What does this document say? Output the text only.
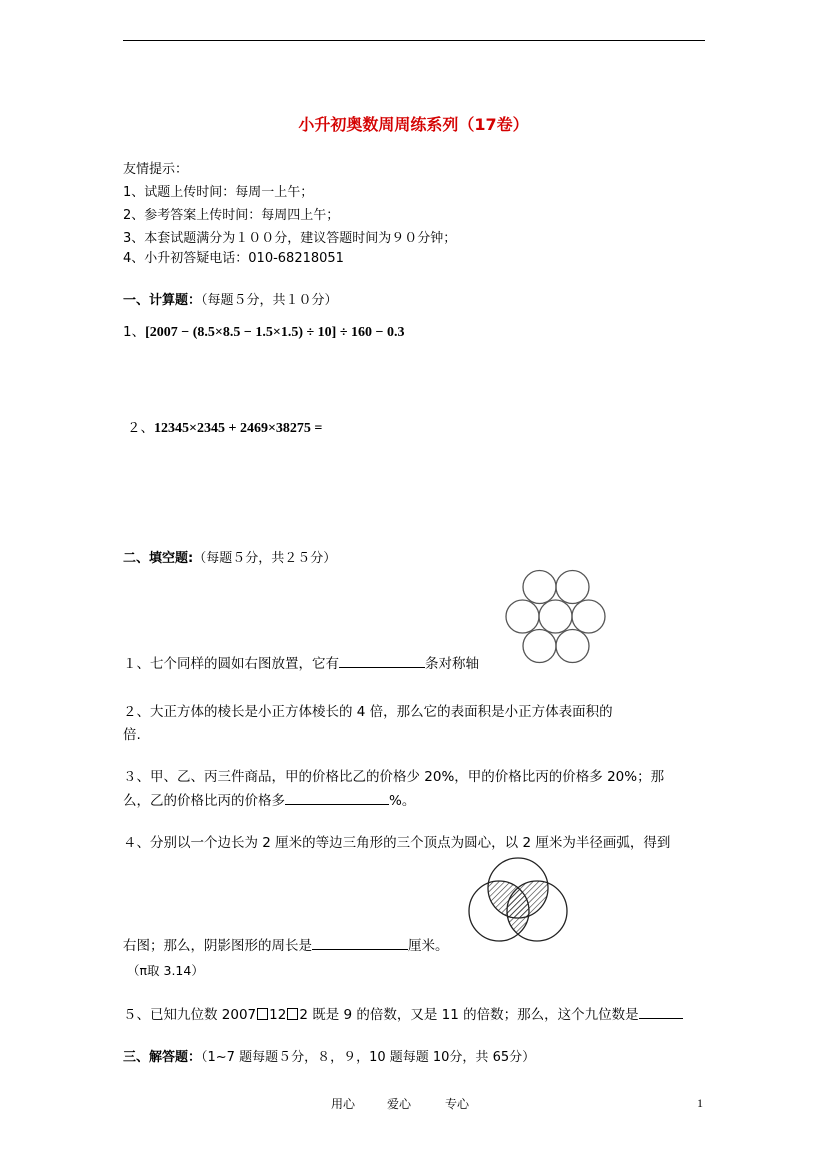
小升初奥数周周练系列（17卷）
友情提示：
1、试题上传时间：每周一上午；
2、参考答案上传时间：每周四上午；
3、本套试题满分为１００分，建议答题时间为９０分钟；
4、小升初答疑电话：010-68218051
一、计算题：（每题５分，共１０分）
1、[2007 − (8.5×8.5 − 1.5×1.5) ÷ 10] ÷ 160 − 0.3
２、12345×2345 + 2469×38275 =
二、填空题:（每题５分，共２５分）
１、七个同样的圆如右图放置，它有	条对称轴
２、大正方体的棱长是小正方体棱长的 4 倍，那么它的表面积是小正方体表面积的
倍.
３、甲、乙、丙三件商品，甲的价格比乙的价格少 20%，甲的价格比丙的价格多 20%；那
么，乙的价格比丙的价格多	%。
４、分别以一个边长为 2 厘米的等边三角形的三个顶点为圆心，以 2 厘米为半径画弧，得到
右图；那么，阴影图形的周长是	厘米。
（π取 3.14）
５、已知九位数 2007 12 2 既是 9 的倍数，又是 11 的倍数；那么，这个九位数是
三、解答题：（1~7 题每题５分，８，９，10 题每题 10分，共 65分）
用心	爱心	专心	1
